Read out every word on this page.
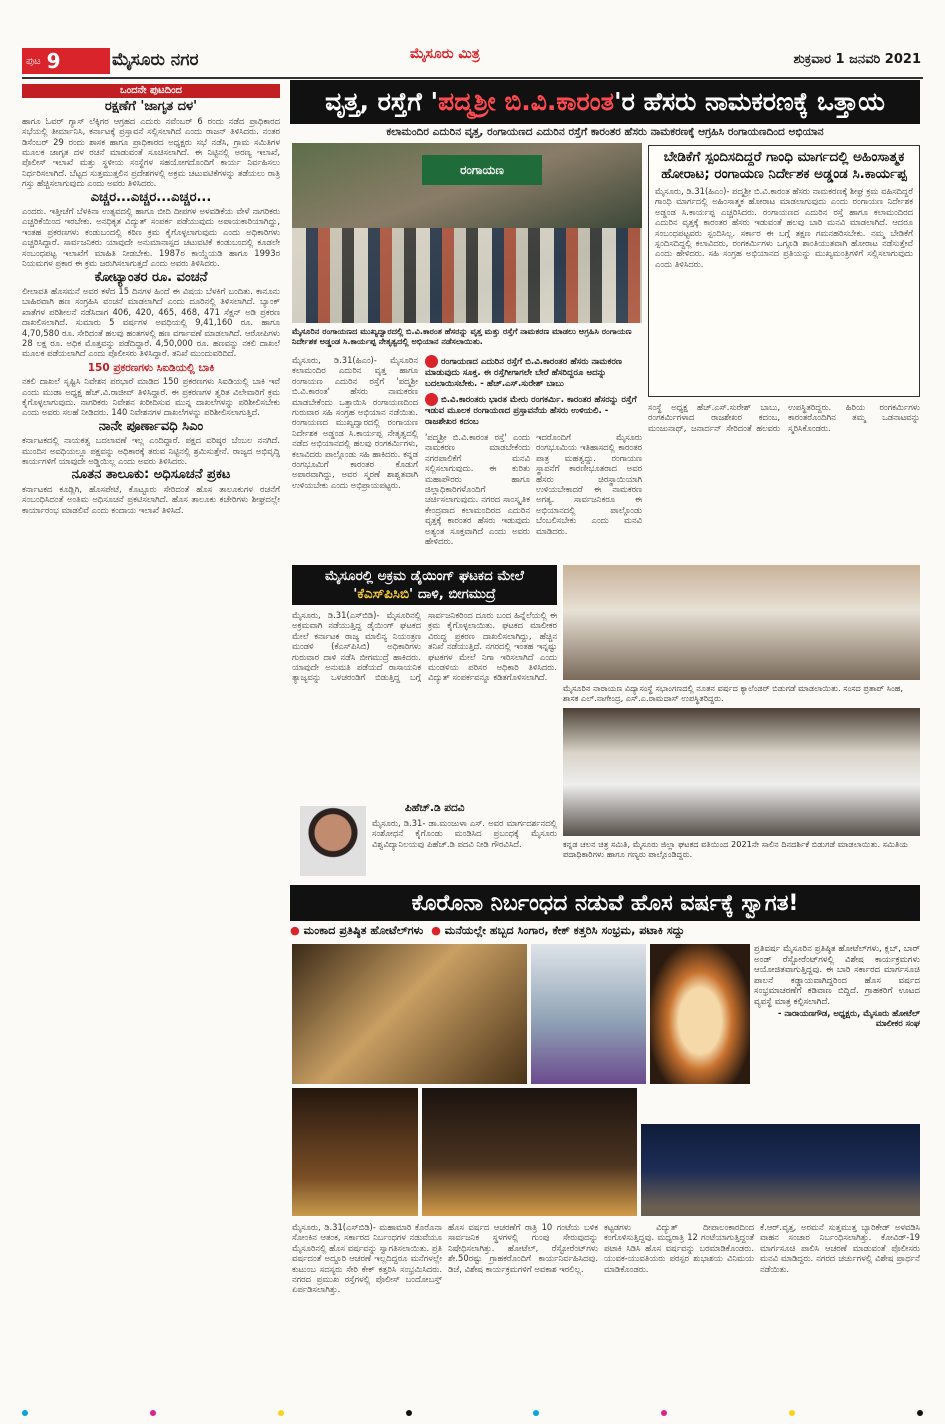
ಪುಟ 9	ಮೈಸೂರು ನಗರ	ಮೈಸೂರು ಮಿತ್ರ	ಶುಕ್ರವಾರ 1 ಜನವರಿ 2021
ಒಂದನೇ ಪುಟದಿಂದ
ರಕ್ಷಣೆಗೆ 'ಜಾಗೃತ ದಳ'

ಹಾಗೂ ಓವರ್ ಗ್ಯಾಸ್ ಲೆಕ್ಕಿಗರ ಆಗ್ರಹದ ಎದುರು ನವೆಂಬರ್ 6 ರಂದು ನಡೆದ ಪ್ರಾಧಿಕಾರದ ಸಭೆಯಲ್ಲಿ ತೀರ್ಮಾನಿಸಿ, ಕರ್ನಾಟಕ್ಕೆ ಪ್ರಸ್ತಾವನೆ ಸಲ್ಲಿಸಲಾಗಿದೆ ಎಂದು ರಾಜನ್ ತಿಳಿಸಿದರು. ನಂತರ ಡಿಸೆಂಬರ್ 29 ರಂದು ಶಾಸಕ ಹಾಗೂ ಪ್ರಾಧಿಕಾರದ ಅಧ್ಯಕ್ಷರು ಸಭೆ ನಡೆಸಿ, ಗ್ರಾಮ ಸಮಿತಿಗಳ ಮೂಲಕ ಜಾಗೃತ ದಳ ರಚನೆ ಮಾಡುವಂತೆ ಸೂಚಿಸಲಾಗಿದೆ. ಈ ನಿಟ್ಟಿನಲ್ಲಿ ಅರಣ್ಯ ಇಲಾಖೆ, ಪೊಲೀಸ್ ಇಲಾಖೆ ಮತ್ತು ಸ್ಥಳೀಯ ಸಂಸ್ಥೆಗಳ ಸಹಯೋಗದೊಂದಿಗೆ ಕಾರ್ಯ ನಿರ್ವಹಿಸಲು ನಿರ್ಧರಿಸಲಾಗಿದೆ. ಬೆಟ್ಟದ ಸುತ್ತಮುತ್ತಲಿನ ಪ್ರದೇಶಗಳಲ್ಲಿ ಅಕ್ರಮ ಚಟುವಟಿಕೆಗಳನ್ನು ತಡೆಯಲು ರಾತ್ರಿ ಗಸ್ತು ಹೆಚ್ಚಿಸಲಾಗುವುದು ಎಂದು ಅವರು ತಿಳಿಸಿದರು.

ಎಚ್ಚರ...ಎಚ್ಚರ...ಎಚ್ಚರ...

ಎಂದರು. ಇತ್ತೀಚೆಗೆ ಬೆಳಕಿನಾ ಉತ್ಸವದಲ್ಲಿ ಹಾಗೂ ಬೀದಿ ದೀಪಗಳ ಅಳವಡಿಕೆಯ ವೇಳೆ ನಾಗರಿಕರು ಎಚ್ಚರಿಕೆಯಿಂದ ಇರಬೇಕು. ಅನಧಿಕೃತ ವಿದ್ಯುತ್ ಸಂಪರ್ಕ ಪಡೆಯುವುದು ಅಪಾಯಕಾರಿಯಾಗಿದ್ದು, ಇಂತಹ ಪ್ರಕರಣಗಳು ಕಂಡುಬಂದಲ್ಲಿ ಕಠಿಣ ಕ್ರಮ ಕೈಗೊಳ್ಳಲಾಗುವುದು ಎಂದು ಅಧಿಕಾರಿಗಳು ಎಚ್ಚರಿಸಿದ್ದಾರೆ. ಸಾರ್ವಜನಿಕರು ಯಾವುದೇ ಅನುಮಾನಾಸ್ಪದ ಚಟುವಟಿಕೆ ಕಂಡುಬಂದಲ್ಲಿ ಕೂಡಲೇ ಸಂಬಂಧಪಟ್ಟ ಇಲಾಖೆಗೆ ಮಾಹಿತಿ ನೀಡಬೇಕು. 1987ರ ಕಾಯ್ದೆಯಡಿ ಹಾಗೂ 1993ರ ನಿಯಮಗಳ ಪ್ರಕಾರ ಈ ಕ್ರಮ ಜರುಗಿಸಲಾಗುತ್ತದೆ ಎಂದು ಅವರು ತಿಳಿಸಿದರು.

ಕೋಟ್ಯಾಂತರ ರೂ. ವಂಚನೆ

ಲೀಲಾವತಿ ಹೊಸಮನೆ ಅವರ ಕಳೆದ 15 ದಿನಗಳ ಹಿಂದೆ ಈ ವಿಷಯ ಬೆಳಕಿಗೆ ಬಂದಿತು. ಕಾನೂನು ಬಾಹಿರವಾಗಿ ಹಣ ಸಂಗ್ರಹಿಸಿ ವಂಚನೆ ಮಾಡಲಾಗಿದೆ ಎಂದು ದೂರಿನಲ್ಲಿ ತಿಳಿಸಲಾಗಿದೆ. ಬ್ಯಾಂಕ್ ಖಾತೆಗಳ ಪರಿಶೀಲನೆ ನಡೆಸಿದಾಗ 406, 420, 465, 468, 471 ಸೆಕ್ಷನ್ ಅಡಿ ಪ್ರಕರಣ ದಾಖಲಿಸಲಾಗಿದೆ. ಸುಮಾರು 5 ವರ್ಷಗಳ ಅವಧಿಯಲ್ಲಿ 9,41,160 ರೂ. ಹಾಗೂ 4,70,580 ರೂ. ಸೇರಿದಂತೆ ಹಲವು ಹಂತಗಳಲ್ಲಿ ಹಣ ವರ್ಗಾವಣೆ ಮಾಡಲಾಗಿದೆ. ಆರೋಪಿಗಳು 28 ಲಕ್ಷ ರೂ. ಅಧಿಕ ಮೊತ್ತವನ್ನು ಪಡೆದಿದ್ದಾರೆ. 4,50,000 ರೂ. ಹಣವನ್ನು ನಕಲಿ ದಾಖಲೆ ಮೂಲಕ ಪಡೆಯಲಾಗಿದೆ ಎಂದು ಪೊಲೀಸರು ತಿಳಿಸಿದ್ದಾರೆ. ತನಿಖೆ ಮುಂದುವರಿದಿದೆ.

150 ಪ್ರಕರಣಗಳು ಸಿಐಡಿಯಲ್ಲಿ ಬಾಕಿ

ನಕಲಿ ದಾಖಲೆ ಸೃಷ್ಟಿಸಿ ನಿವೇಶನ ಪರಭಾರೆ ಮಾಡಿದ 150 ಪ್ರಕರಣಗಳು ಸಿಐಡಿಯಲ್ಲಿ ಬಾಕಿ ಇವೆ ಎಂದು ಮುಡಾ ಅಧ್ಯಕ್ಷ ಹೆಚ್.ವಿ.ರಾಜೀವ್ ತಿಳಿಸಿದ್ದಾರೆ. ಈ ಪ್ರಕರಣಗಳ ತ್ವರಿತ ವಿಲೇವಾರಿಗೆ ಕ್ರಮ ಕೈಗೊಳ್ಳಲಾಗುವುದು. ನಾಗರಿಕರು ನಿವೇಶನ ಖರೀದಿಸುವ ಮುನ್ನ ದಾಖಲೆಗಳನ್ನು ಪರಿಶೀಲಿಸಬೇಕು ಎಂದು ಅವರು ಸಲಹೆ ನೀಡಿದರು. 140 ನಿವೇಶನಗಳ ದಾಖಲೆಗಳನ್ನು ಪರಿಶೀಲಿಸಲಾಗುತ್ತಿದೆ.

ನಾನೇ ಪೂರ್ಣಾವಧಿ ಸಿಎಂ

ಕರ್ನಾಟಕದಲ್ಲಿ ನಾಯಕತ್ವ ಬದಲಾವಣೆ ಇಲ್ಲ ಎಂದಿದ್ದಾರೆ. ಪಕ್ಷದ ವರಿಷ್ಠರ ಬೆಂಬಲ ನನಗಿದೆ. ಮುಂದಿನ ಅವಧಿಯಲ್ಲೂ ಪಕ್ಷವನ್ನು ಅಧಿಕಾರಕ್ಕೆ ತರುವ ನಿಟ್ಟಿನಲ್ಲಿ ಶ್ರಮಿಸುತ್ತೇನೆ. ರಾಜ್ಯದ ಅಭಿವೃದ್ಧಿ ಕಾರ್ಯಗಳಿಗೆ ಯಾವುದೇ ಅಡ್ಡಿಯಿಲ್ಲ ಎಂದು ಅವರು ತಿಳಿಸಿದರು.

ನೂತನ ತಾಲೂಕು: ಅಧಿಸೂಚನೆ ಪ್ರಕಟ

ಕರ್ನಾಟಕದ ಕೂಡ್ಲಿಗಿ, ಹೊಸಪೇಟೆ, ಕೊಟ್ಟೂರು ಸೇರಿದಂತೆ ಹೊಸ ತಾಲೂಕುಗಳ ರಚನೆಗೆ ಸಂಬಂಧಿಸಿದಂತೆ ಅಂತಿಮ ಅಧಿಸೂಚನೆ ಪ್ರಕಟಿಸಲಾಗಿದೆ. ಹೊಸ ತಾಲೂಕು ಕಚೇರಿಗಳು ಶೀಘ್ರದಲ್ಲೇ ಕಾರ್ಯಾರಂಭ ಮಾಡಲಿವೆ ಎಂದು ಕಂದಾಯ ಇಲಾಖೆ ತಿಳಿಸಿದೆ.

ವೃತ್ತ, ರಸ್ತೆಗೆ ' ಪದ್ಮಶ್ರೀ ಬಿ.ವಿ.ಕಾರಂತ 'ರ ಹೆಸರು ನಾಮಕರಣಕ್ಕೆ ಒತ್ತಾಯ
ಕಲಾಮಂದಿರ ಎದುರಿನ ವೃತ್ತ, ರಂಗಾಯಣದ ಎದುರಿನ ರಸ್ತೆಗೆ ಕಾರಂತರ ಹೆಸರು ನಾಮಕರಣಕ್ಕೆ ಆಗ್ರಹಿಸಿ ರಂಗಾಯಣದಿಂದ ಅಭಿಯಾನ
ರಂಗಾಯಣ
ಮೈಸೂರಿನ ರಂಗಾಯಣದ ಮುಖ್ಯದ್ವಾರದಲ್ಲಿ ಬಿ.ವಿ.ಕಾರಂತ ಹೆಸರನ್ನು ವೃತ್ತ ಮತ್ತು ರಸ್ತೆಗೆ ನಾಮಕರಣ ಮಾಡಲು ಆಗ್ರಹಿಸಿ ರಂಗಾಯಣ ನಿರ್ದೇಶಕ ಅಡ್ಡಂಡ ಸಿ.ಕಾರ್ಯಪ್ಪ ನೇತೃತ್ವದಲ್ಲಿ ಅಭಿಯಾನ ನಡೆಸಲಾಯಿತು.
ಬೇಡಿಕೆಗೆ ಸ್ಪಂದಿಸದಿದ್ದರೆ ಗಾಂಧಿ ಮಾರ್ಗದಲ್ಲಿ ಅಹಿಂಸಾತ್ಮಕ ಹೋರಾಟ; ರಂಗಾಯಣ ನಿರ್ದೇಶಕ ಅಡ್ಡಂಡ ಸಿ.ಕಾರ್ಯಪ್ಪ
ಮೈಸೂರು, ಡಿ.31(ಹಿಎಂ)- ಪದ್ಮಶ್ರೀ ಬಿ.ವಿ.ಕಾರಂತ ಹೆಸರು ನಾಮಕರಣಕ್ಕೆ ಶೀಘ್ರ ಕ್ರಮ ವಹಿಸದಿದ್ದರೆ ಗಾಂಧಿ ಮಾರ್ಗದಲ್ಲಿ ಅಹಿಂಸಾತ್ಮಕ ಹೋರಾಟ ಮಾಡಲಾಗುವುದು ಎಂದು ರಂಗಾಯಣ ನಿರ್ದೇಶಕ ಅಡ್ಡಂಡ ಸಿ.ಕಾರ್ಯಪ್ಪ ಎಚ್ಚರಿಸಿದರು. ರಂಗಾಯಣದ ಎದುರಿನ ರಸ್ತೆ ಹಾಗೂ ಕಲಾಮಂದಿರದ ಎದುರಿನ ವೃತ್ತಕ್ಕೆ ಕಾರಂತರ ಹೆಸರು ಇಡುವಂತೆ ಹಲವು ಬಾರಿ ಮನವಿ ಮಾಡಲಾಗಿದೆ. ಆದರೂ ಸಂಬಂಧಪಟ್ಟವರು ಸ್ಪಂದಿಸಿಲ್ಲ. ಸರ್ಕಾರ ಈ ಬಗ್ಗೆ ತಕ್ಷಣ ಗಮನಹರಿಸಬೇಕು. ನಮ್ಮ ಬೇಡಿಕೆಗೆ ಸ್ಪಂದಿಸದಿದ್ದಲ್ಲಿ ಕಲಾವಿದರು, ರಂಗಕರ್ಮಿಗಳು ಒಗ್ಗೂಡಿ ಶಾಂತಿಯುತವಾಗಿ ಹೋರಾಟ ನಡೆಸುತ್ತೇವೆ ಎಂದು ಹೇಳಿದರು. ಸಹಿ ಸಂಗ್ರಹ ಅಭಿಯಾನದ ಪ್ರತಿಯನ್ನು ಮುಖ್ಯಮಂತ್ರಿಗಳಿಗೆ ಸಲ್ಲಿಸಲಾಗುವುದು ಎಂದು ತಿಳಿಸಿದರು.
ಮೈಸೂರು, ಡಿ.31(ಹಿಎಂ)- ಮೈಸೂರಿನ ಕಲಾಮಂದಿರ ಎದುರಿನ ವೃತ್ತ ಹಾಗೂ ರಂಗಾಯಣ ಎದುರಿನ ರಸ್ತೆಗೆ 'ಪದ್ಮಶ್ರೀ ಬಿ.ವಿ.ಕಾರಂತ' ಹೆಸರು ನಾಮಕರಣ ಮಾಡಬೇಕೆಂದು ಒತ್ತಾಯಿಸಿ ರಂಗಾಯಣದಿಂದ ಗುರುವಾರ ಸಹಿ ಸಂಗ್ರಹ ಅಭಿಯಾನ ನಡೆಯಿತು. ರಂಗಾಯಣದ ಮುಖ್ಯದ್ವಾರದಲ್ಲಿ ರಂಗಾಯಣ ನಿರ್ದೇಶಕ ಅಡ್ಡಂಡ ಸಿ.ಕಾರ್ಯಪ್ಪ ನೇತೃತ್ವದಲ್ಲಿ ನಡೆದ ಅಭಿಯಾನದಲ್ಲಿ ಹಲವು ರಂಗಕರ್ಮಿಗಳು, ಕಲಾವಿದರು ಪಾಲ್ಗೊಂಡು ಸಹಿ ಹಾಕಿದರು. ಕನ್ನಡ ರಂಗಭೂಮಿಗೆ ಕಾರಂತರ ಕೊಡುಗೆ ಅಪಾರವಾಗಿದ್ದು, ಅವರ ಸ್ಮರಣೆ ಶಾಶ್ವತವಾಗಿ ಉಳಿಯಬೇಕು ಎಂದು ಅಭಿಪ್ರಾಯಪಟ್ಟರು.
ರಂಗಾಯಣದ ಎದುರಿನ ರಸ್ತೆಗೆ ಬಿ.ವಿ.ಕಾರಂತರ ಹೆಸರು ನಾಮಕರಣ ಮಾಡುವುದು ಸೂಕ್ತ. ಈ ರಸ್ತೆಗೀಗಾಗಲೇ ಬೇರೆ ಹೆಸರಿದ್ದರೂ ಅದನ್ನು ಬದಲಾಯಿಸಬೇಕು. - ಹೆಚ್.ಎಸ್.ಸುರೇಶ್ ಬಾಬು
ಬಿ.ವಿ.ಕಾರಂತರು ಭಾರತ ಮೇರು ರಂಗಕರ್ಮಿ. ಕಾರಂತರ ಹೆಸರನ್ನು ರಸ್ತೆಗೆ ಇಡುವ ಮೂಲಕ ರಂಗಾಯಣದ ಪ್ರಸ್ತಾವನೆಯ ಹೆಸರು ಉಳಿಯಲಿ. - ರಾಜಶೇಖರ ಕದಂಬ
'ಪದ್ಮಶ್ರೀ ಬಿ.ವಿ.ಕಾರಂತ ರಸ್ತೆ' ಎಂದು ನಾಮಕರಣ ಮಾಡಬೇಕೆಂದು ನಗರಪಾಲಿಕೆಗೆ ಮನವಿ ಸಲ್ಲಿಸಲಾಗುವುದು. ಈ ಕುರಿತು ಮಹಾಪೌರರು ಹಾಗೂ ಜಿಲ್ಲಾಧಿಕಾರಿಗಳೊಂದಿಗೆ ಚರ್ಚಿಸಲಾಗುವುದು. ನಗರದ ಸಾಂಸ್ಕೃತಿಕ ಕೇಂದ್ರವಾದ ಕಲಾಮಂದಿರದ ಎದುರಿನ ವೃತ್ತಕ್ಕೆ ಕಾರಂತರ ಹೆಸರು ಇಡುವುದು ಅತ್ಯಂತ ಸೂಕ್ತವಾಗಿದೆ ಎಂದು ಅವರು ಹೇಳಿದರು.
ಇದರೊಂದಿಗೆ ಮೈಸೂರು ರಂಗಭೂಮಿಯ ಇತಿಹಾಸದಲ್ಲಿ ಕಾರಂತರ ಪಾತ್ರ ಮಹತ್ವದ್ದು. ರಂಗಾಯಣ ಸ್ಥಾಪನೆಗೆ ಕಾರಣೀಭೂತರಾದ ಅವರ ಹೆಸರು ಚಿರಸ್ಥಾಯಿಯಾಗಿ ಉಳಿಯಬೇಕಾದರೆ ಈ ನಾಮಕರಣ ಅಗತ್ಯ. ಸಾರ್ವಜನಿಕರೂ ಈ ಅಭಿಯಾನದಲ್ಲಿ ಪಾಲ್ಗೊಂಡು ಬೆಂಬಲಿಸಬೇಕು ಎಂದು ಮನವಿ ಮಾಡಿದರು.
ಸಂಸ್ಥೆ ಅಧ್ಯಕ್ಷ ಹೆಚ್.ಎಸ್.ಸುರೇಶ್ ಬಾಬು, ರಂಗಕರ್ಮಿಗಳಾದ ರಾಜಶೇಖರ ಕದಂಬ, ಮಂಜುನಾಥ್, ಜನಾರ್ದನ್ ಸೇರಿದಂತೆ ಹಲವರು ಉಪಸ್ಥಿತರಿದ್ದರು. ಹಿರಿಯ ರಂಗಕರ್ಮಿಗಳು ಕಾರಂತರೊಂದಿಗಿನ ತಮ್ಮ ಒಡನಾಟವನ್ನು ಸ್ಮರಿಸಿಕೊಂಡರು.
ಮೈಸೂರಲ್ಲಿ ಅಕ್ರಮ ಡೈಯಿಂಗ್ ಘಟಕದ ಮೇಲೆ 'ಕೆಎಸ್‌ಪಿಸಿಬಿ' ದಾಳಿ, ಬೀಗಮುದ್ರೆ
ಮೈಸೂರು, ಡಿ.31(ಎಸ್‌ಬಿಡಿ)- ಮೈಸೂರಿನಲ್ಲಿ ಅಕ್ರಮವಾಗಿ ನಡೆಯುತ್ತಿದ್ದ ಡೈಯಿಂಗ್ ಘಟಕದ ಮೇಲೆ ಕರ್ನಾಟಕ ರಾಜ್ಯ ಮಾಲಿನ್ಯ ನಿಯಂತ್ರಣ ಮಂಡಳಿ (ಕೆಎಸ್‌ಪಿಸಿಬಿ) ಅಧಿಕಾರಿಗಳು ಗುರುವಾರ ದಾಳಿ ನಡೆಸಿ ಬೀಗಮುದ್ರೆ ಹಾಕಿದರು. ಯಾವುದೇ ಅನುಮತಿ ಪಡೆಯದೆ ರಾಸಾಯನಿಕ ತ್ಯಾಜ್ಯವನ್ನು ಒಳಚರಂಡಿಗೆ ಬಿಡುತ್ತಿದ್ದ ಬಗ್ಗೆ ಸಾರ್ವಜನಿಕರಿಂದ ದೂರು ಬಂದ ಹಿನ್ನೆಲೆಯಲ್ಲಿ ಈ ಕ್ರಮ ಕೈಗೊಳ್ಳಲಾಯಿತು. ಘಟಕದ ಮಾಲೀಕರ ವಿರುದ್ಧ ಪ್ರಕರಣ ದಾಖಲಿಸಲಾಗಿದ್ದು, ಹೆಚ್ಚಿನ ತನಿಖೆ ನಡೆಯುತ್ತಿದೆ. ನಗರದಲ್ಲಿ ಇಂತಹ ಇನ್ನಷ್ಟು ಘಟಕಗಳ ಮೇಲೆ ನಿಗಾ ಇರಿಸಲಾಗಿದೆ ಎಂದು ಮಂಡಳಿಯ ಪರಿಸರ ಅಧಿಕಾರಿ ತಿಳಿಸಿದರು. ವಿದ್ಯುತ್ ಸಂಪರ್ಕವನ್ನೂ ಕಡಿತಗೊಳಿಸಲಾಗಿದೆ.
ಪಿಹೆಚ್.ಡಿ ಪದವಿ
ಮೈಸೂರು, ಡಿ.31- ಡಾ.ಮಂಜುಳಾ ಎಸ್. ಅವರ ಮಾರ್ಗದರ್ಶನದಲ್ಲಿ ಸಂಶೋಧನೆ ಕೈಗೊಂಡು ಮಂಡಿಸಿದ ಪ್ರಬಂಧಕ್ಕೆ ಮೈಸೂರು ವಿಶ್ವವಿದ್ಯಾನಿಲಯವು ಪಿಹೆಚ್.ಡಿ ಪದವಿ ನೀಡಿ ಗೌರವಿಸಿದೆ.
ಮೈಸೂರಿನ ನಾರಾಯಣ ವಿದ್ಯಾಸಂಸ್ಥೆ ಸಭಾಂಗಣದಲ್ಲಿ ನೂತನ ವರ್ಷದ ಕ್ಯಾಲೆಂಡರ್ ಬಿಡುಗಡೆ ಮಾಡಲಾಯಿತು. ಸಂಸದ ಪ್ರತಾಪ್ ಸಿಂಹ, ಶಾಸಕ ಎಲ್.ನಾಗೇಂದ್ರ, ಎಸ್.ಎ.ರಾಮದಾಸ್ ಉಪಸ್ಥಿತರಿದ್ದರು.
ಕನ್ನಡ ಚಲನ ಚಿತ್ರ ಸಮಿತಿ, ಮೈಸೂರು ಜಿಲ್ಲಾ ಘಟಕದ ವತಿಯಿಂದ 2021ನೇ ಸಾಲಿನ ದಿನದರ್ಶಿಕೆ ಬಿಡುಗಡೆ ಮಾಡಲಾಯಿತು. ಸಮಿತಿಯ ಪದಾಧಿಕಾರಿಗಳು ಹಾಗೂ ಗಣ್ಯರು ಪಾಲ್ಗೊಂಡಿದ್ದರು.
ಕೊರೊನಾ ನಿರ್ಬಂಧದ ನಡುವೆ ಹೊಸ ವರ್ಷಕ್ಕೆ ಸ್ವಾಗತ!
● ಮಂಕಾದ ಪ್ರತಿಷ್ಠಿತ ಹೋಟೆಲ್‌ಗಳು ● ಮನೆಯಲ್ಲೇ ಹಬ್ಬದ ಸಿಂಗಾರ, ಕೇಕ್ ಕತ್ತರಿಸಿ ಸಂಭ್ರಮ, ಪಟಾಕಿ ಸದ್ದು
ಪ್ರತಿವರ್ಷ ಮೈಸೂರಿನ ಪ್ರತಿಷ್ಠಿತ ಹೋಟೆಲ್‌ಗಳು, ಕ್ಲಬ್, ಬಾರ್ ಅಂಡ್ ರೆಸ್ಟೋರೆಂಟ್‌ಗಳಲ್ಲಿ ವಿಶೇಷ ಕಾರ್ಯಕ್ರಮಗಳು ಆಯೋಜಿತವಾಗುತ್ತಿದ್ದವು. ಈ ಬಾರಿ ಸರ್ಕಾರದ ಮಾರ್ಗಸೂಚಿ ಪಾಲನೆ ಕಡ್ಡಾಯವಾಗಿದ್ದರಿಂದ ಹೊಸ ವರ್ಷದ ಸಂಭ್ರಮಾಚರಣೆಗೆ ಕಡಿವಾಣ ಬಿದ್ದಿದೆ. ಗ್ರಾಹಕರಿಗೆ ಊಟದ ವ್ಯವಸ್ಥೆ ಮಾತ್ರ ಕಲ್ಪಿಸಲಾಗಿದೆ.
- ನಾರಾಯಣಗೌಡ, ಅಧ್ಯಕ್ಷರು, ಮೈಸೂರು ಹೋಟೆಲ್ ಮಾಲೀಕರ ಸಂಘ
ಮೈಸೂರು, ಡಿ.31(ಎಸ್‌ಬಿಡಿ)- ಮಹಾಮಾರಿ ಕೊರೊನಾ ಸೋಂಕಿನ ಆತಂಕ, ಸರ್ಕಾರದ ನಿರ್ಬಂಧಗಳ ನಡುವೆಯೂ ಮೈಸೂರಿನಲ್ಲಿ ಹೊಸ ವರ್ಷವನ್ನು ಸ್ವಾಗತಿಸಲಾಯಿತು. ಪ್ರತಿ ವರ್ಷದಂತೆ ಅದ್ದೂರಿ ಆಚರಣೆ ಇಲ್ಲದಿದ್ದರೂ ಮನೆಗಳಲ್ಲೇ ಕುಟುಂಬ ಸದಸ್ಯರು ಸೇರಿ ಕೇಕ್ ಕತ್ತರಿಸಿ ಸಂಭ್ರಮಿಸಿದರು. ನಗರದ ಪ್ರಮುಖ ರಸ್ತೆಗಳಲ್ಲಿ ಪೊಲೀಸ್ ಬಂದೋಬಸ್ತ್ ಏರ್ಪಡಿಸಲಾಗಿತ್ತು.
ಹೊಸ ವರ್ಷದ ಆಚರಣೆಗೆ ರಾತ್ರಿ 10 ಗಂಟೆಯ ಬಳಿಕ ಸಾರ್ವಜನಿಕ ಸ್ಥಳಗಳಲ್ಲಿ ಗುಂಪು ಸೇರುವುದನ್ನು ನಿಷೇಧಿಸಲಾಗಿತ್ತು. ಹೋಟೆಲ್, ರೆಸ್ಟೋರೆಂಟ್‌ಗಳು ಶೇ.50ರಷ್ಟು ಗ್ರಾಹಕರೊಂದಿಗೆ ಕಾರ್ಯನಿರ್ವಹಿಸಿದವು. ಡಿಜೆ, ವಿಶೇಷ ಕಾರ್ಯಕ್ರಮಗಳಿಗೆ ಅವಕಾಶ ಇರಲಿಲ್ಲ.
ಕಟ್ಟಡಗಳು ವಿದ್ಯುತ್ ದೀಪಾಲಂಕಾರದಿಂದ ಕಂಗೊಳಿಸುತ್ತಿದ್ದವು. ಮಧ್ಯರಾತ್ರಿ 12 ಗಂಟೆಯಾಗುತ್ತಿದ್ದಂತೆ ಪಟಾಕಿ ಸಿಡಿಸಿ ಹೊಸ ವರ್ಷವನ್ನು ಬರಮಾಡಿಕೊಂಡರು. ಯುವಕ-ಯುವತಿಯರು ಪರಸ್ಪರ ಶುಭಾಶಯ ವಿನಿಮಯ ಮಾಡಿಕೊಂಡರು.
ಕೆ.ಆರ್.ವೃತ್ತ, ಅರಮನೆ ಸುತ್ತಮುತ್ತ ಬ್ಯಾರಿಕೇಡ್ ಅಳವಡಿಸಿ ವಾಹನ ಸಂಚಾರ ನಿರ್ಬಂಧಿಸಲಾಗಿತ್ತು. ಕೋವಿಡ್-19 ಮಾರ್ಗಸೂಚಿ ಪಾಲಿಸಿ ಆಚರಣೆ ಮಾಡುವಂತೆ ಪೊಲೀಸರು ಮನವಿ ಮಾಡಿದ್ದರು. ನಗರದ ಚರ್ಚುಗಳಲ್ಲಿ ವಿಶೇಷ ಪ್ರಾರ್ಥನೆ ನಡೆಯಿತು.
